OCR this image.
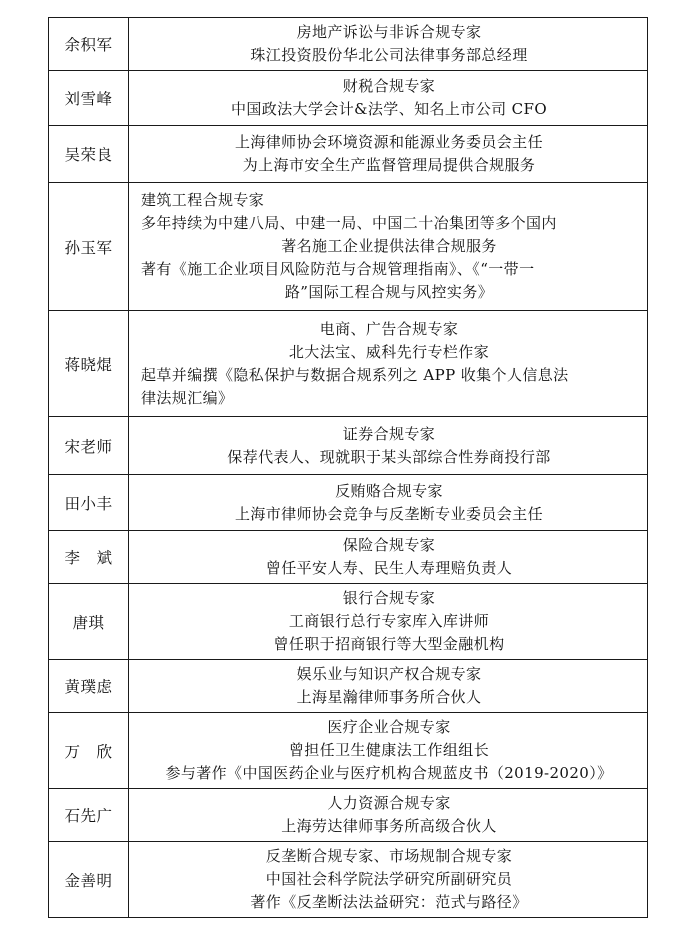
余积军	房地产诉讼与非诉合规专家
珠江投资股份华北公司法律事务部总经理

刘雪峰	财税合规专家
中国政法大学会计&法学、知名上市公司 CFO

吴荣良	上海律师协会环境资源和能源业务委员会主任
为上海市安全生产监督管理局提供合规服务

孙玉军	建筑工程合规专家
多年持续为中建八局、中建一局、中国二十冶集团等多个国内
著名施工企业提供法律合规服务
著有《施工企业项目风险防范与合规管理指南》、《“一带一
路”国际工程合规与风控实务》

蒋晓焜	电商、广告合规专家
北大法宝、威科先行专栏作家
起草并编撰《隐私保护与数据合规系列之 APP 收集个人信息法
律法规汇编》

宋老师	证券合规专家
保荐代表人、现就职于某头部综合性券商投行部

田小丰	反贿赂合规专家
上海市律师协会竞争与反垄断专业委员会主任

李　斌	保险合规专家
曾任平安人寿、民生人寿理赔负责人

唐琪	银行合规专家
工商银行总行专家库入库讲师
曾任职于招商银行等大型金融机构

黄璞虑	娱乐业与知识产权合规专家
上海星瀚律师事务所合伙人

万　欣	医疗企业合规专家
曾担任卫生健康法工作组组长
参与著作《中国医药企业与医疗机构合规蓝皮书（2019-2020）》

石先广	人力资源合规专家
上海劳达律师事务所高级合伙人

金善明	反垄断合规专家、市场规制合规专家
中国社会科学院法学研究所副研究员
著作《反垄断法法益研究：范式与路径》
